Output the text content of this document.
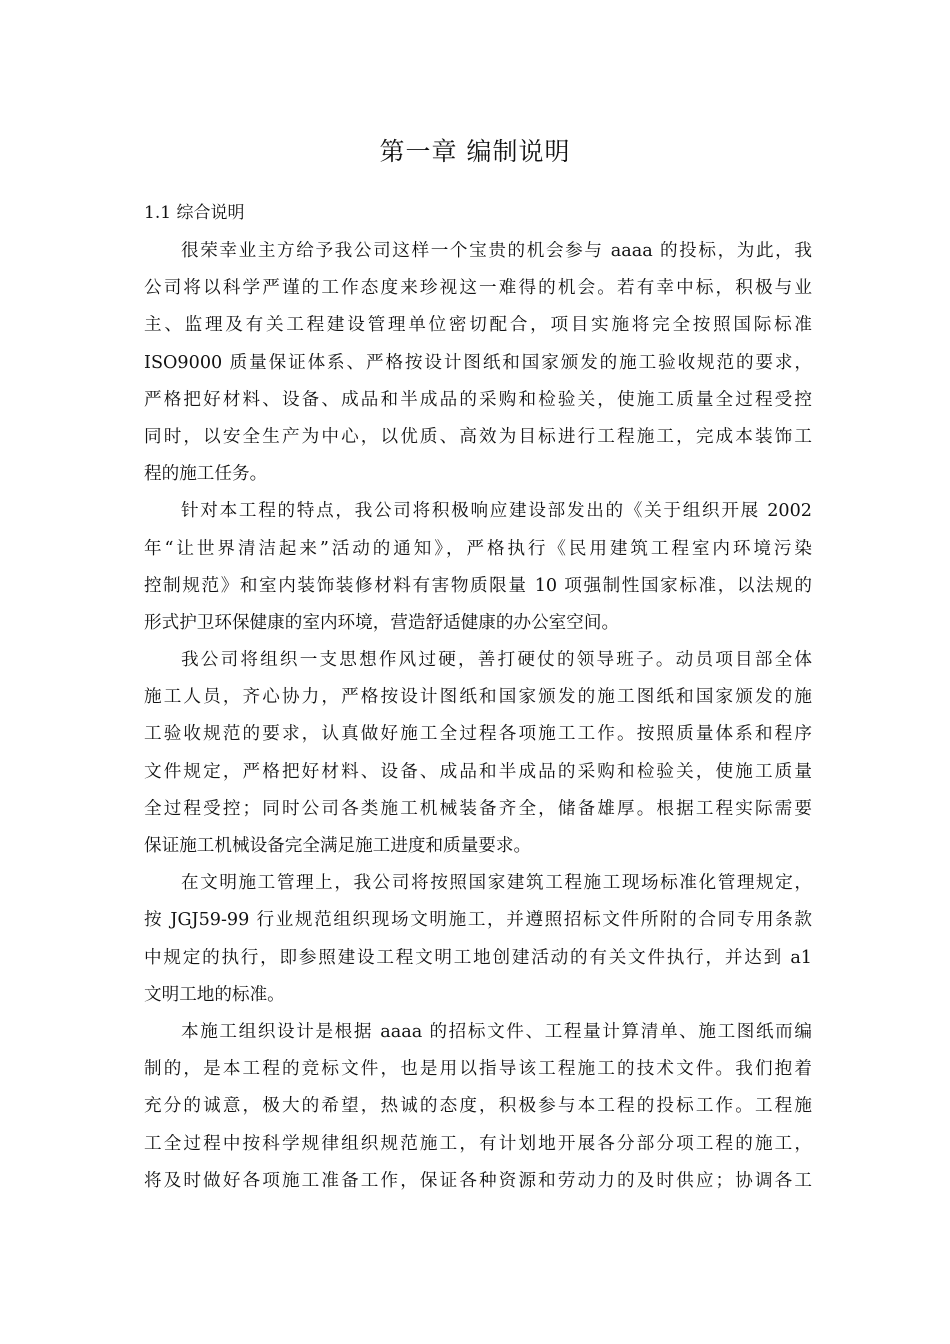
第一章 编制说明
1.1 综合说明
很荣幸业主方给予我公司这样一个宝贵的机会参与 aaaa 的投标，为此，我
公司将以科学严谨的工作态度来珍视这一难得的机会。若有幸中标，积极与业
主、监理及有关工程建设管理单位密切配合，项目实施将完全按照国际标准
ISO9000 质量保证体系、严格按设计图纸和国家颁发的施工验收规范的要求，
严格把好材料、设备、成品和半成品的采购和检验关，使施工质量全过程受控
同时，以安全生产为中心，以优质、高效为目标进行工程施工，完成本装饰工
程的施工任务。
针对本工程的特点，我公司将积极响应建设部发出的《关于组织开展 2002
年“让世界清洁起来”活动的通知》，严格执行《民用建筑工程室内环境污染
控制规范》和室内装饰装修材料有害物质限量 10 项强制性国家标准，以法规的
形式护卫环保健康的室内环境，营造舒适健康的办公室空间。
我公司将组织一支思想作风过硬，善打硬仗的领导班子。动员项目部全体
施工人员，齐心协力，严格按设计图纸和国家颁发的施工图纸和国家颁发的施
工验收规范的要求，认真做好施工全过程各项施工工作。按照质量体系和程序
文件规定，严格把好材料、设备、成品和半成品的采购和检验关，使施工质量
全过程受控；同时公司各类施工机械装备齐全，储备雄厚。根据工程实际需要
保证施工机械设备完全满足施工进度和质量要求。
在文明施工管理上，我公司将按照国家建筑工程施工现场标准化管理规定，
按 JGJ59-99 行业规范组织现场文明施工，并遵照招标文件所附的合同专用条款
中规定的执行，即参照建设工程文明工地创建活动的有关文件执行，并达到 a1
文明工地的标准。
本施工组织设计是根据 aaaa 的招标文件、工程量计算清单、施工图纸而编
制的，是本工程的竞标文件，也是用以指导该工程施工的技术文件。我们抱着
充分的诚意，极大的希望，热诚的态度，积极参与本工程的投标工作。工程施
工全过程中按科学规律组织规范施工，有计划地开展各分部分项工程的施工，
将及时做好各项施工准备工作，保证各种资源和劳动力的及时供应；协调各工
